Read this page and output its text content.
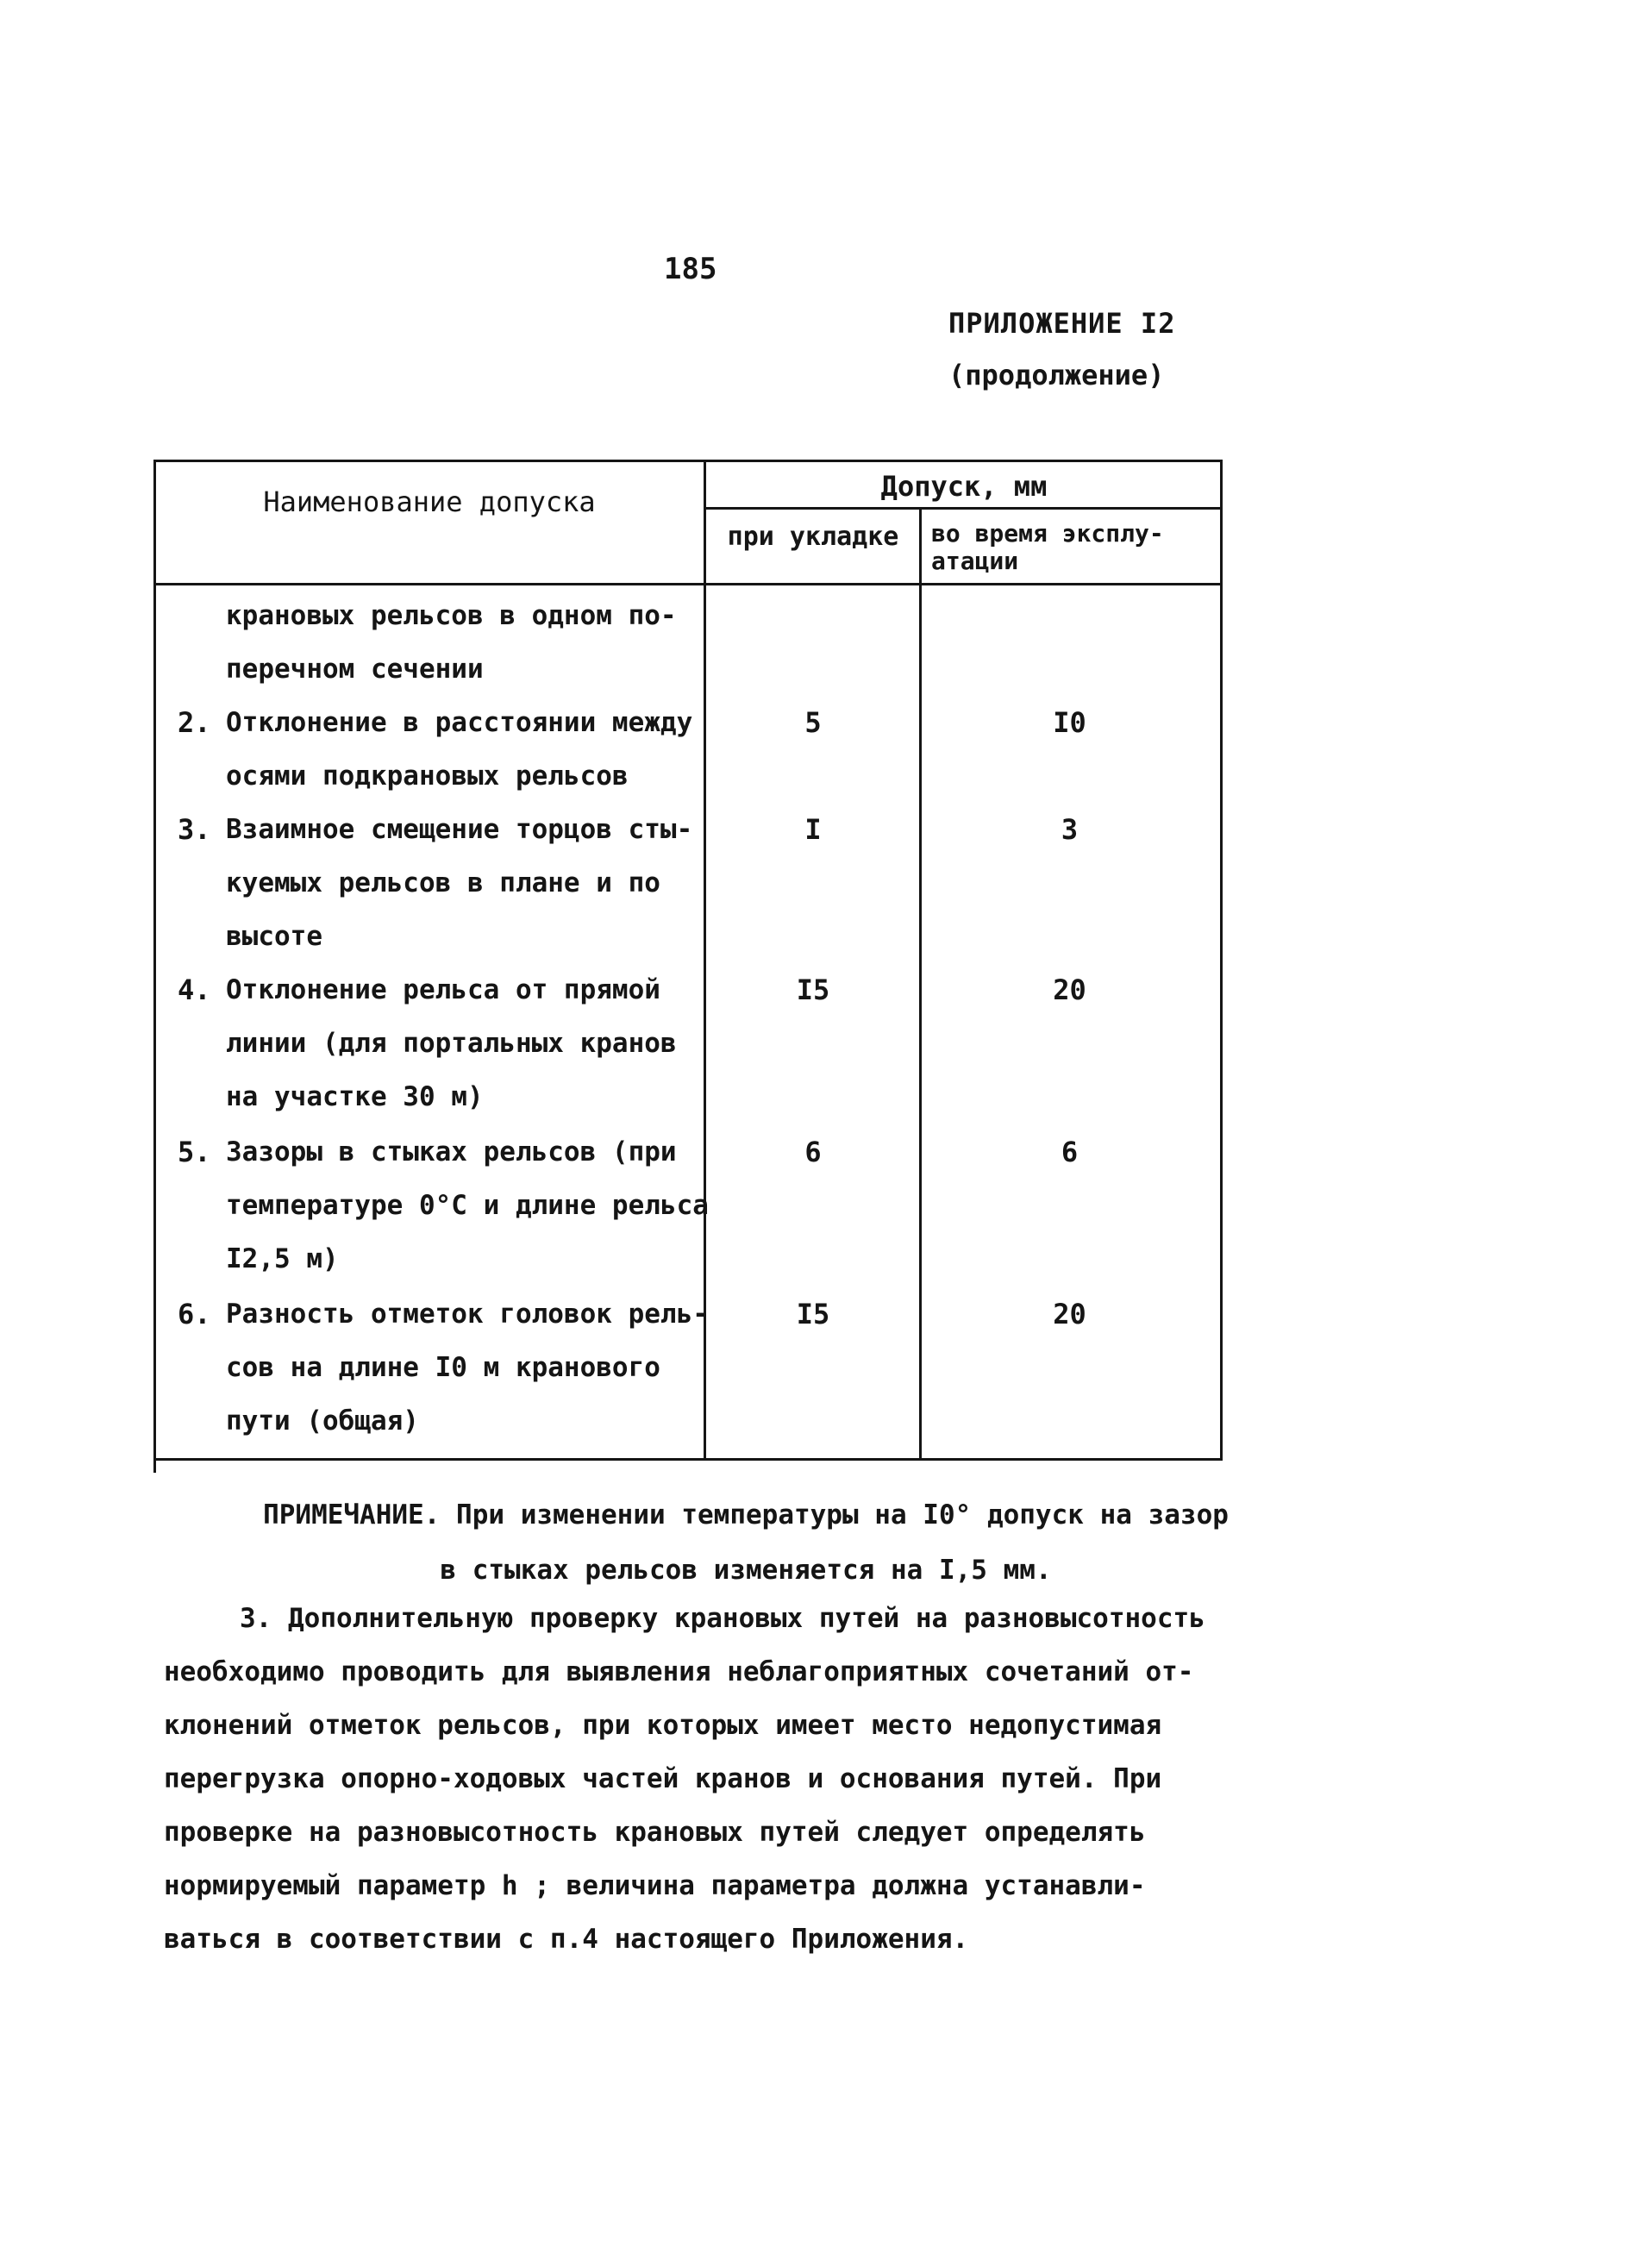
185
ПРИЛОЖЕНИЕ I2
(продолжение)
Наименование допуска	Допуск, мм
при укладке	во время эксплу-атации
крановых рельсов в одном по-
перечном сечении
2. Отклонение в расстоянии между
осями подкрановых рельсов
5	I0
3. Взаимное смещение торцов сты-
куемых рельсов в плане и по
высоте
I	3
4. Отклонение рельса от прямой
линии (для портальных кранов
на участке 30 м)
I5	20
5. Зазоры в стыках рельсов (при
температуре 0°C и длине рельса
I2,5 м)
6	6
6. Разность отметок головок рель-
сов на длине I0 м кранового
пути (общая)
I5	20
ПРИМЕЧАНИЕ. При изменении температуры на I0° допуск на зазор
в стыках рельсов изменяется на I,5 мм.
3. Дополнительную проверку крановых путей на разновысотность
необходимо проводить для выявления неблагоприятных сочетаний от-
клонений отметок рельсов, при которых имеет место недопустимая
перегрузка опорно-ходовых частей кранов и основания путей. При
проверке на разновысотность крановых путей следует определять
нормируемый параметр h ; величина параметра должна устанавли-
ваться в соответствии с п.4 настоящего Приложения.
